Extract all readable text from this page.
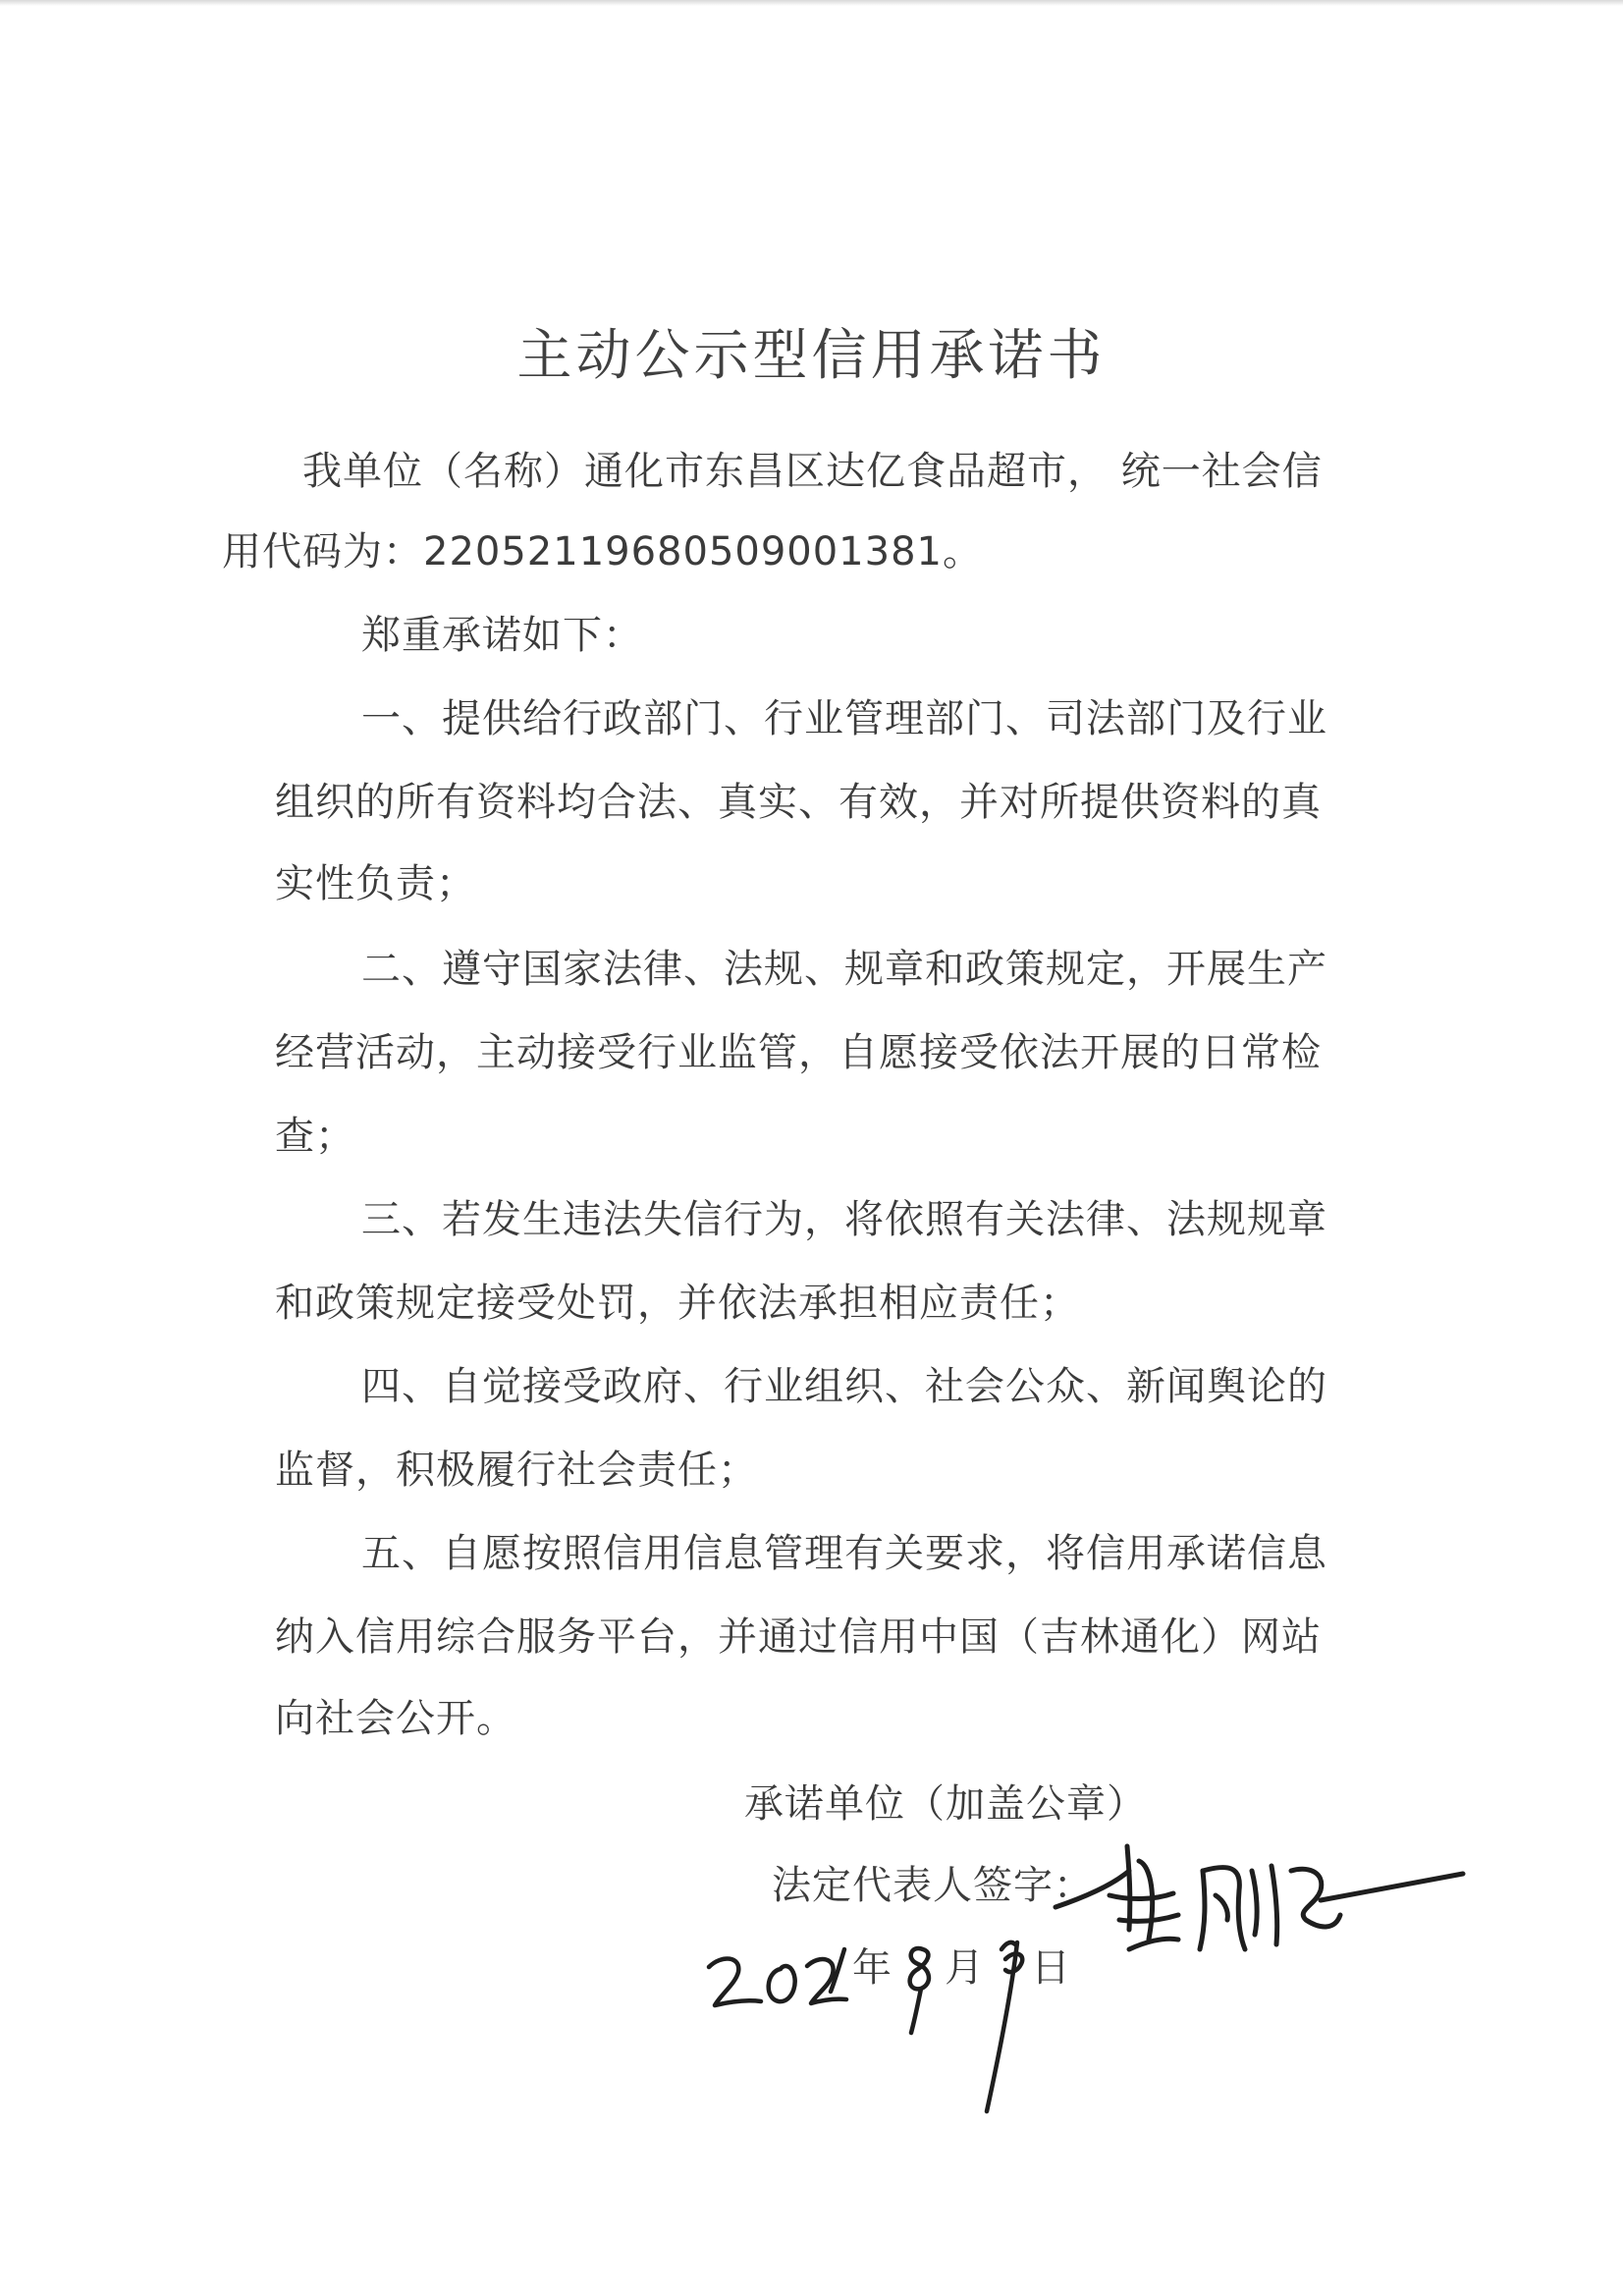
主动公示型信用承诺书
我单位（名称）通化市东昌区达亿食品超市， 统一社会信
用代码为：22052119680509001381。
郑重承诺如下：
一、提供给行政部门、行业管理部门、司法部门及行业
组织的所有资料均合法、真实、有效，并对所提供资料的真
实性负责；
二、遵守国家法律、法规、规章和政策规定，开展生产
经营活动，主动接受行业监管，自愿接受依法开展的日常检
查；
三、若发生违法失信行为，将依照有关法律、法规规章
和政策规定接受处罚，并依法承担相应责任；
四、自觉接受政府、行业组织、社会公众、新闻舆论的
监督，积极履行社会责任；
五、自愿按照信用信息管理有关要求，将信用承诺信息
纳入信用综合服务平台，并通过信用中国（吉林通化）网站
向社会公开。
承诺单位（加盖公章）
法定代表人签字：
年 月 日
